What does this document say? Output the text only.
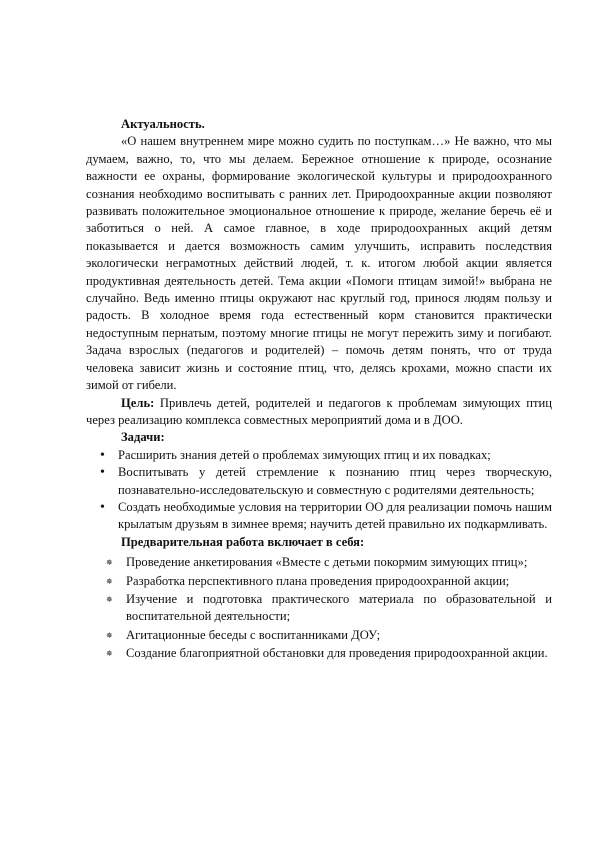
Актуальность.

«О нашем внутреннем мире можно судить по поступкам…» Не важно, что мы думаем, важно, то, что мы делаем. Бережное отношение к природе, осознание важности ее охраны, формирование экологической культуры и природоохранного сознания необходимо воспитывать с ранних лет. Природоохранные акции позволяют развивать положительное эмоциональное отношение к природе, желание беречь её и заботиться о ней. А самое главное, в ходе природоохранных акций детям показывается и дается возможность самим улучшить, исправить последствия экологически неграмотных действий людей, т. к. итогом любой акции является продуктивная деятельность детей. Тема акции «Помоги птицам зимой!» выбрана не случайно. Ведь именно птицы окружают нас круглый год, принося людям пользу и радость. В холодное время года естественный корм становится практически недоступным пернатым, поэтому многие птицы не могут пережить зиму и погибают. Задача взрослых (педагогов и родителей) – помочь детям понять, что от труда человека зависит жизнь и состояние птиц, что, делясь крохами, можно спасти их зимой от гибели.

Цель: Привлечь детей, родителей и педагогов к проблемам зимующих птиц через реализацию комплекса совместных мероприятий дома и в ДОО.

Задачи:

• Расширить знания детей о проблемах зимующих птиц и их повадках;
• Воспитывать у детей стремление к познанию птиц через творческую, познавательно-исследовательскую и совместную с родителями деятельность;
• Создать необходимые условия на территории ОО для реализации помочь нашим крылатым друзьям в зимнее время; научить детей правильно их подкармливать.

Предварительная работа включает в себя:

✵ Проведение анкетирования «Вместе с детьми покормим зимующих птиц»;
✵ Разработка перспективного плана проведения природоохранной акции;
✵ Изучение и подготовка практического материала по образовательной и воспитательной деятельности;
✵ Агитационные беседы с воспитанниками ДОУ;
✵ Создание благоприятной обстановки для проведения природоохранной акции.
